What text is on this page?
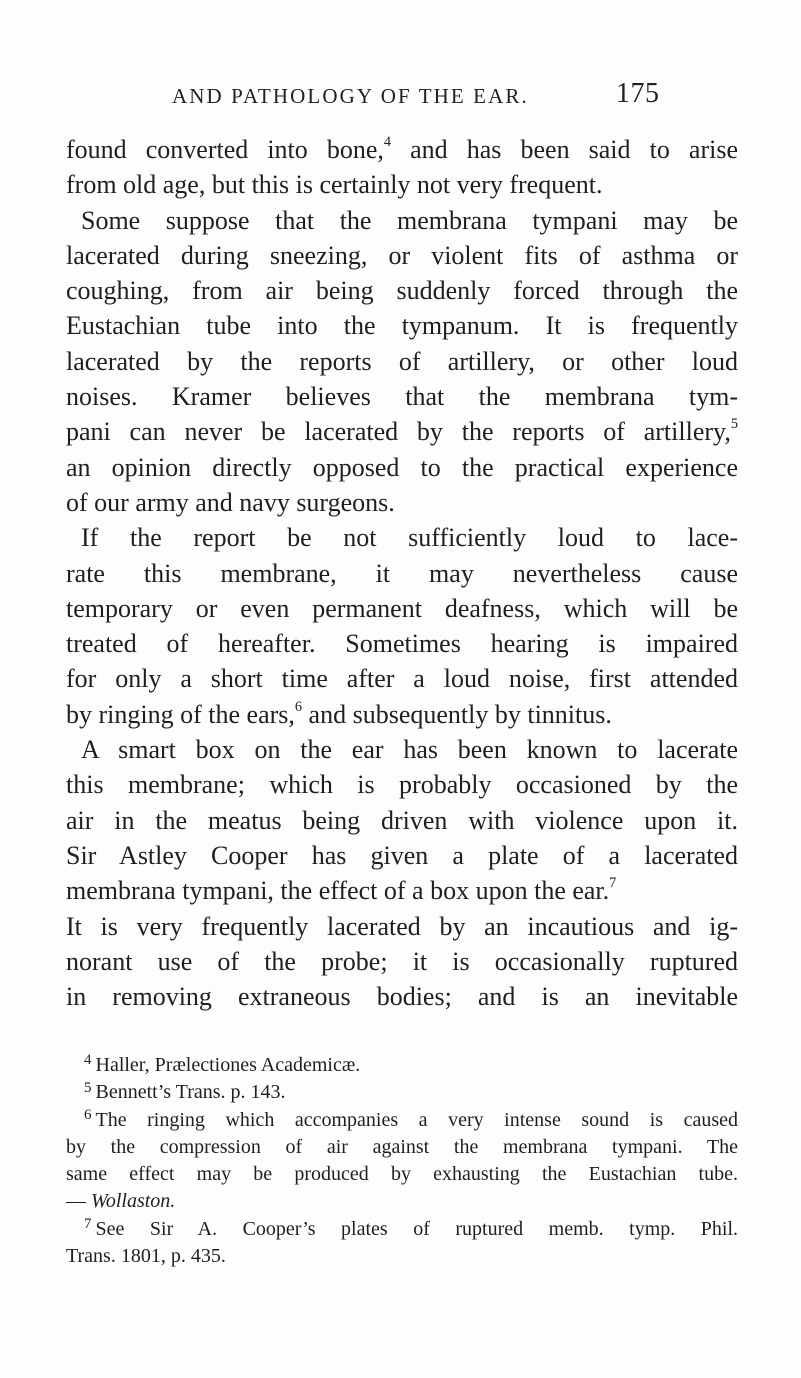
AND PATHOLOGY OF THE EAR.	175
found converted into bone,$^4$ and has been said to arise
from old age, but this is certainly not very frequent.
Some suppose that the membrana tympani may be
lacerated during sneezing, or violent fits of asthma or
coughing, from air being suddenly forced through the
Eustachian tube into the tympanum. It is frequently
lacerated by the reports of artillery, or other loud
noises. Kramer believes that the membrana tym-
pani can never be lacerated by the reports of artillery,$^5$
an opinion directly opposed to the practical experience
of our army and navy surgeons.
If the report be not sufficiently loud to lace-
rate this membrane, it may nevertheless cause
temporary or even permanent deafness, which will be
treated of hereafter. Sometimes hearing is impaired
for only a short time after a loud noise, first attended
by ringing of the ears,$^6$ and subsequently by tinnitus.
A smart box on the ear has been known to lacerate
this membrane; which is probably occasioned by the
air in the meatus being driven with violence upon it.
Sir Astley Cooper has given a plate of a lacerated
membrana tympani, the effect of a box upon the ear.$^7$
It is very frequently lacerated by an incautious and ig-
norant use of the probe; it is occasionally ruptured
in removing extraneous bodies; and is an inevitable
$^4$ Haller, Prælectiones Academicæ.
$^5$ Bennett’s Trans. p. 143.
$^6$ The ringing which accompanies a very intense sound is caused
by the compression of air against the membrana tympani. The
same effect may be produced by exhausting the Eustachian tube.
— Wollaston.
$^7$ See Sir A. Cooper’s plates of ruptured memb. tymp. Phil.
Trans. 1801, p. 435.
